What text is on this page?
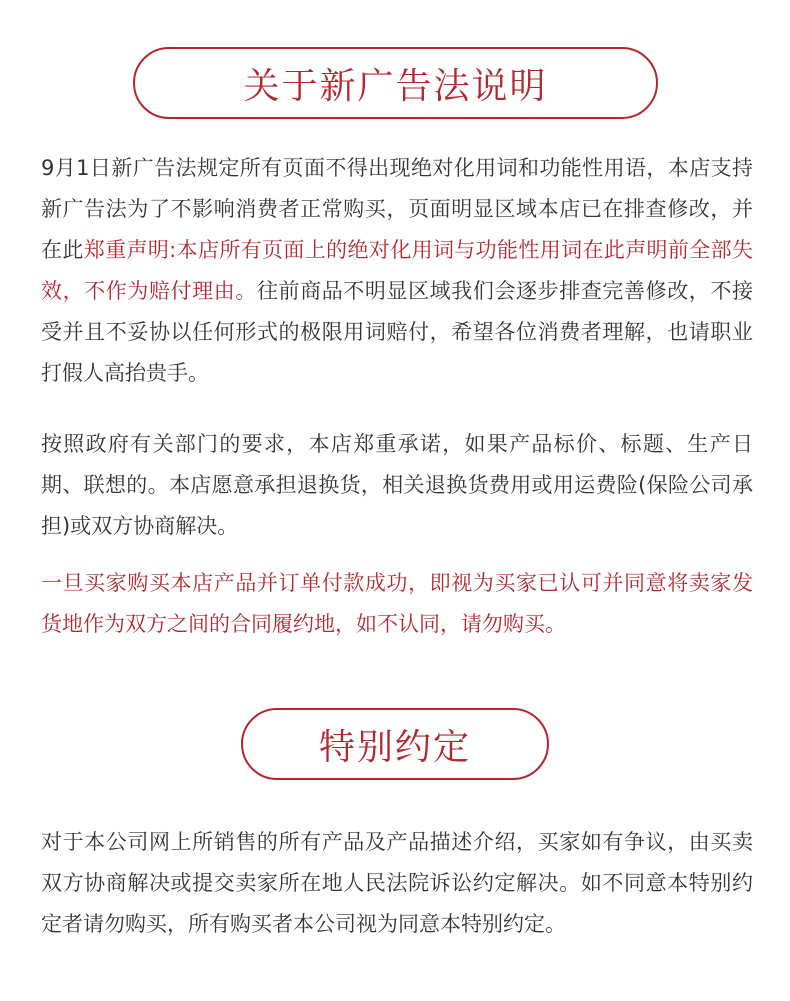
关于新广告法说明

9月1日新广告法规定所有页面不得出现绝对化用词和功能性用语，本店支持新广告法为了不影响消费者正常购买，页面明显区域本店已在排查修改，并在此郑重声明:本店所有页面上的绝对化用词与功能性用词在此声明前全部失效，不作为赔付理由。往前商品不明显区域我们会逐步排查完善修改，不接受并且不妥协以任何形式的极限用词赔付，希望各位消费者理解，也请职业打假人高抬贵手。

按照政府有关部门的要求，本店郑重承诺，如果产品标价、标题、生产日期、联想的。本店愿意承担退换货，相关退换货费用或用运费险(保险公司承担)或双方协商解决。

一旦买家购买本店产品并订单付款成功，即视为买家已认可并同意将卖家发货地作为双方之间的合同履约地，如不认同，请勿购买。

特别约定

对于本公司网上所销售的所有产品及产品描述介绍，买家如有争议，由买卖双方协商解决或提交卖家所在地人民法院诉讼约定解决。如不同意本特别约定者请勿购买，所有购买者本公司视为同意本特别约定。
